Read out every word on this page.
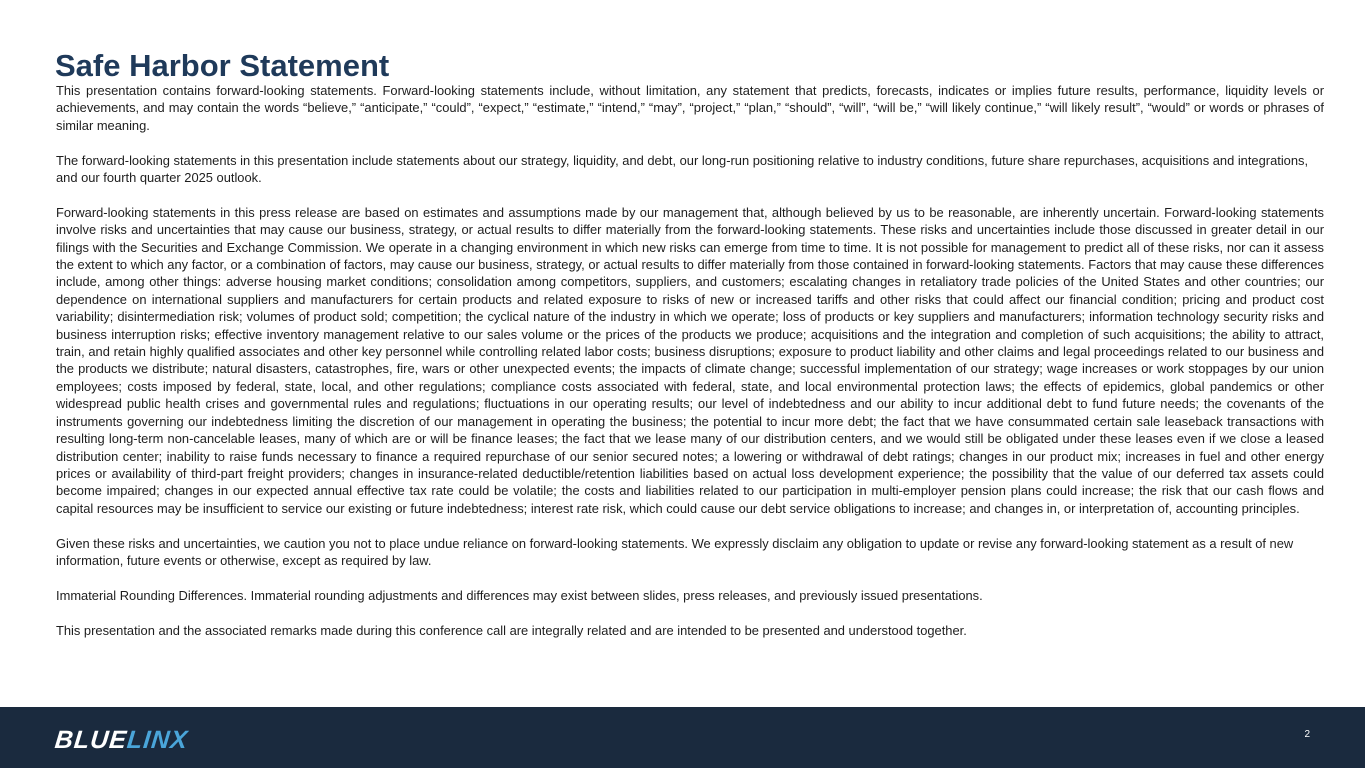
Safe Harbor Statement

This presentation contains forward-looking statements. Forward-looking statements include, without limitation, any statement that predicts, forecasts, indicates or implies future results, performance, liquidity levels or achievements, and may contain the words “believe,” “anticipate,” “could”, “expect,” “estimate,” “intend,” “may”, “project,” “plan,” “should”, “will”, “will be,” “will likely continue,” “will likely result”, “would” or words or phrases of similar meaning.

The forward-looking statements in this presentation include statements about our strategy, liquidity, and debt, our long-run positioning relative to industry conditions, future share repurchases, acquisitions and integrations, and our fourth quarter 2025 outlook.

Forward-looking statements in this press release are based on estimates and assumptions made by our management that, although believed by us to be reasonable, are inherently uncertain. Forward-looking statements involve risks and uncertainties that may cause our business, strategy, or actual results to differ materially from the forward-looking statements. These risks and uncertainties include those discussed in greater detail in our filings with the Securities and Exchange Commission. We operate in a changing environment in which new risks can emerge from time to time. It is not possible for management to predict all of these risks, nor can it assess the extent to which any factor, or a combination of factors, may cause our business, strategy, or actual results to differ materially from those contained in forward-looking statements. Factors that may cause these differences include, among other things: adverse housing market conditions; consolidation among competitors, suppliers, and customers; escalating changes in retaliatory trade policies of the United States and other countries; our dependence on international suppliers and manufacturers for certain products and related exposure to risks of new or increased tariffs and other risks that could affect our financial condition; pricing and product cost variability; disintermediation risk; volumes of product sold; competition; the cyclical nature of the industry in which we operate; loss of products or key suppliers and manufacturers; information technology security risks and business interruption risks; effective inventory management relative to our sales volume or the prices of the products we produce; acquisitions and the integration and completion of such acquisitions; the ability to attract, train, and retain highly qualified associates and other key personnel while controlling related labor costs; business disruptions; exposure to product liability and other claims and legal proceedings related to our business and the products we distribute; natural disasters, catastrophes, fire, wars or other unexpected events; the impacts of climate change; successful implementation of our strategy; wage increases or work stoppages by our union employees; costs imposed by federal, state, local, and other regulations; compliance costs associated with federal, state, and local environmental protection laws; the effects of epidemics, global pandemics or other widespread public health crises and governmental rules and regulations; fluctuations in our operating results; our level of indebtedness and our ability to incur additional debt to fund future needs; the covenants of the instruments governing our indebtedness limiting the discretion of our management in operating the business; the potential to incur more debt; the fact that we have consummated certain sale leaseback transactions with resulting long-term non-cancelable leases, many of which are or will be finance leases; the fact that we lease many of our distribution centers, and we would still be obligated under these leases even if we close a leased distribution center; inability to raise funds necessary to finance a required repurchase of our senior secured notes; a lowering or withdrawal of debt ratings; changes in our product mix; increases in fuel and other energy prices or availability of third-part freight providers; changes in insurance-related deductible/retention liabilities based on actual loss development experience; the possibility that the value of our deferred tax assets could become impaired; changes in our expected annual effective tax rate could be volatile; the costs and liabilities related to our participation in multi-employer pension plans could increase; the risk that our cash flows and capital resources may be insufficient to service our existing or future indebtedness; interest rate risk, which could cause our debt service obligations to increase; and changes in, or interpretation of, accounting principles.

Given these risks and uncertainties, we caution you not to place undue reliance on forward-looking statements. We expressly disclaim any obligation to update or revise any forward-looking statement as a result of new information, future events or otherwise, except as required by law.

Immaterial Rounding Differences. Immaterial rounding adjustments and differences may exist between slides, press releases, and previously issued presentations.

This presentation and the associated remarks made during this conference call are integrally related and are intended to be presented and understood together.

BLUELINX	2
